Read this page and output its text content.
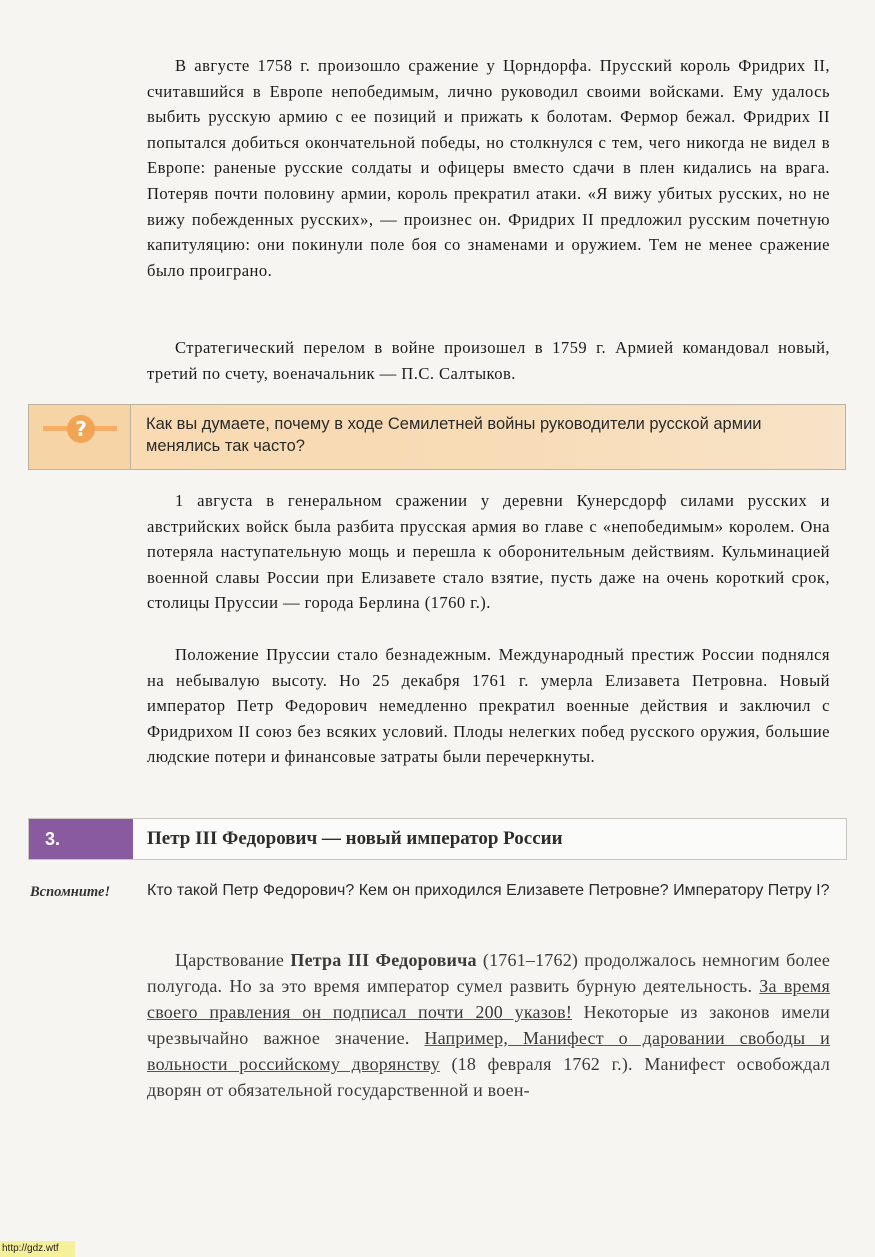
В августе 1758 г. произошло сражение у Цорндорфа. Прусский король Фридрих II, считавшийся в Европе непобедимым, лично руководил своими войсками. Ему удалось выбить русскую армию с ее позиций и прижать к болотам. Фермор бежал. Фридрих II попытался добиться окончательной победы, но столкнулся с тем, чего никогда не видел в Европе: раненые русские солдаты и офицеры вместо сдачи в плен кидались на врага. Потеряв почти половину армии, король прекратил атаки. «Я вижу убитых русских, но не вижу побежденных русских», — произнес он. Фридрих II предложил русским почетную капитуляцию: они покинули поле боя со знаменами и оружием. Тем не менее сражение было проиграно.

Стратегический перелом в войне произошел в 1759 г. Армией командовал новый, третий по счету, военачальник — П.С. Салтыков.

?	Как вы думаете, почему в ходе Семилетней войны руководители русской армии менялись так часто?

1 августа в генеральном сражении у деревни Кунерсдорф силами русских и австрийских войск была разбита прусская армия во главе с «непобедимым» королем. Она потеряла наступательную мощь и перешла к оборонительным действиям. Кульминацией военной славы России при Елизавете стало взятие, пусть даже на очень короткий срок, столицы Пруссии — города Берлина (1760 г.).

Положение Пруссии стало безнадежным. Международный престиж России поднялся на небывалую высоту. Но 25 декабря 1761 г. умерла Елизавета Петровна. Новый император Петр Федорович немедленно прекратил военные действия и заключил с Фридрихом II союз без всяких условий. Плоды нелегких побед русского оружия, большие людские потери и финансовые затраты были перечеркнуты.

3.	Петр III Федорович — новый император России
Вспомните! Кто такой Петр Федорович? Кем он приходился Елизавете Петровне? Императору Петру I?

Царствование Петра III Федоровича (1761–1762) продолжалось немногим более полугода. Но за это время император сумел развить бурную деятельность. За время своего правления он подписал почти 200 указов! Некоторые из законов имели чрезвычайно важное значение. Например, Манифест о даровании свободы и вольности российскому дворянству (18 февраля 1762 г.). Манифест освобождал дворян от обязательной государственной и воен-

http://gdz.wtf
